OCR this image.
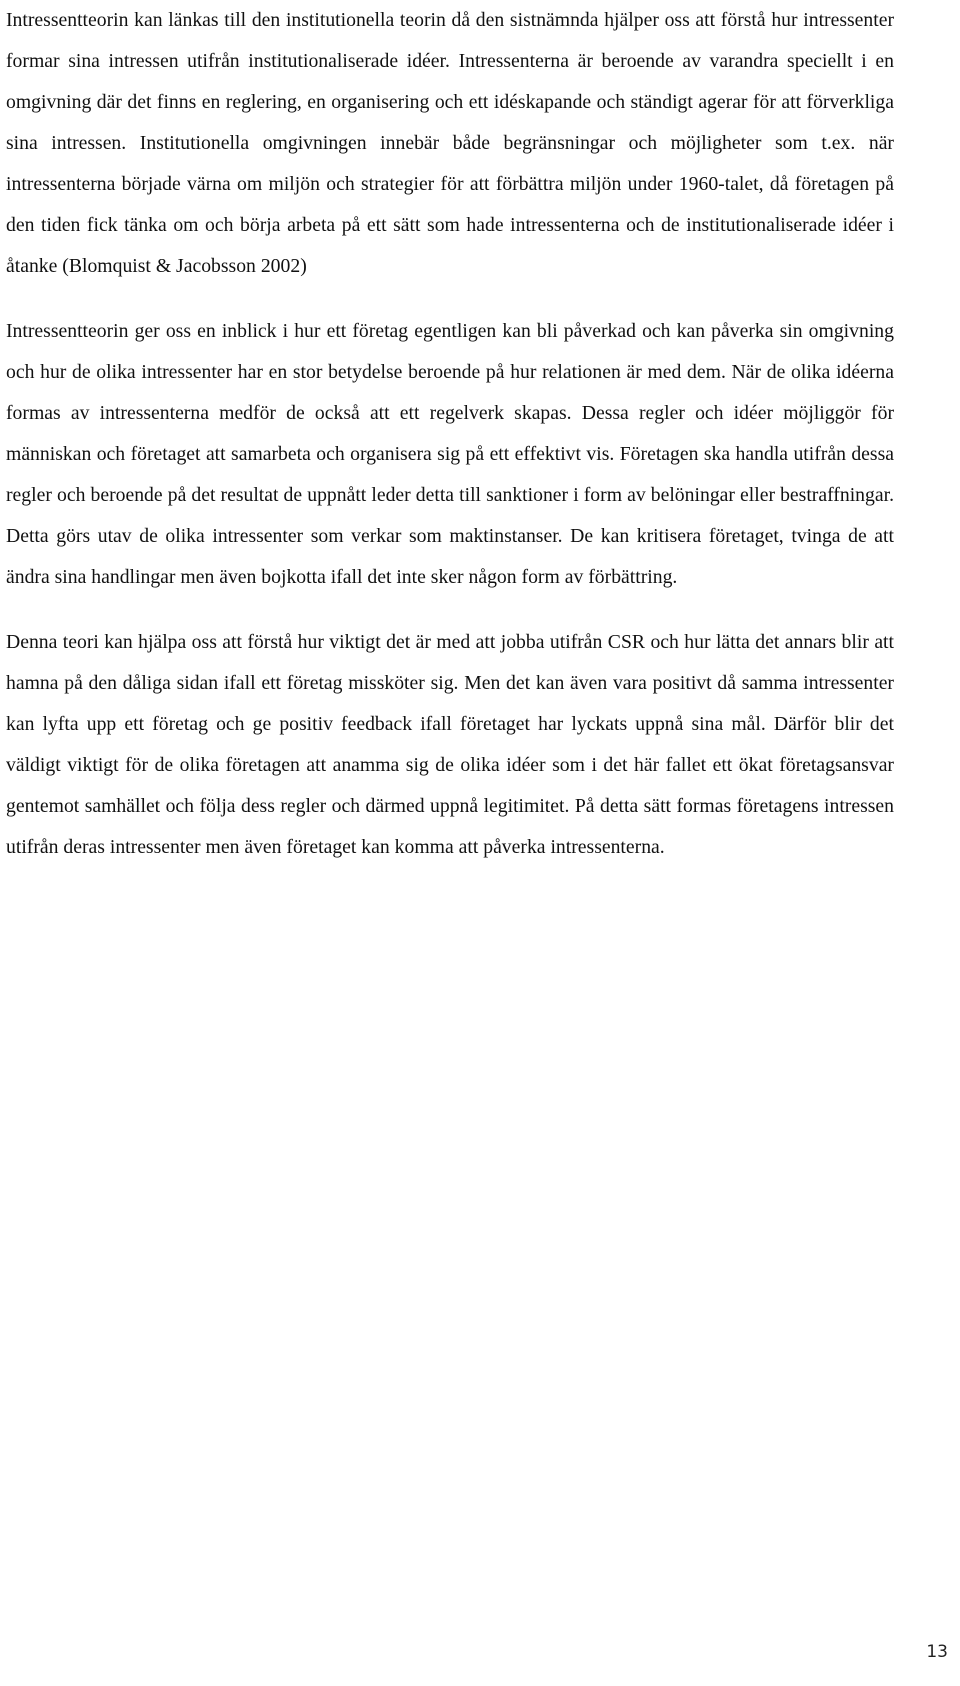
Intressentteorin kan länkas till den institutionella teorin då den sistnämnda hjälper oss att förstå hur intressenter formar sina intressen utifrån institutionaliserade idéer. Intressenterna är beroende av varandra speciellt i en omgivning där det finns en reglering, en organisering och ett idéskapande och ständigt agerar för att förverkliga sina intressen. Institutionella omgivningen innebär både begränsningar och möjligheter som t.ex. när intressenterna började värna om miljön och strategier för att förbättra miljön under 1960-talet, då företagen på den tiden fick tänka om och börja arbeta på ett sätt som hade intressenterna och de institutionaliserade idéer i åtanke (Blomquist & Jacobsson 2002)

Intressentteorin ger oss en inblick i hur ett företag egentligen kan bli påverkad och kan påverka sin omgivning och hur de olika intressenter har en stor betydelse beroende på hur relationen är med dem. När de olika idéerna formas av intressenterna medför de också att ett regelverk skapas. Dessa regler och idéer möjliggör för människan och företaget att samarbeta och organisera sig på ett effektivt vis. Företagen ska handla utifrån dessa regler och beroende på det resultat de uppnått leder detta till sanktioner i form av belöningar eller bestraffningar. Detta görs utav de olika intressenter som verkar som maktinstanser. De kan kritisera företaget, tvinga de att ändra sina handlingar men även bojkotta ifall det inte sker någon form av förbättring.

Denna teori kan hjälpa oss att förstå hur viktigt det är med att jobba utifrån CSR och hur lätta det annars blir att hamna på den dåliga sidan ifall ett företag missköter sig. Men det kan även vara positivt då samma intressenter kan lyfta upp ett företag och ge positiv feedback ifall företaget har lyckats uppnå sina mål. Därför blir det väldigt viktigt för de olika företagen att anamma sig de olika idéer som i det här fallet ett ökat företagsansvar gentemot samhället och följa dess regler och därmed uppnå legitimitet. På detta sätt formas företagens intressen utifrån deras intressenter men även företaget kan komma att påverka intressenterna.

13
